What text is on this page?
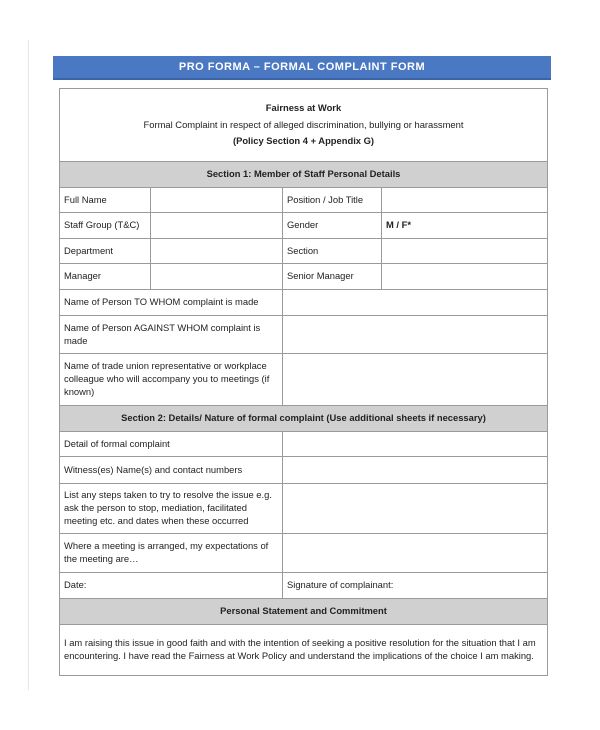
PRO FORMA – FORMAL COMPLAINT FORM
Fairness at Work
Formal Complaint in respect of alleged discrimination, bullying or harassment
(Policy Section 4 + Appendix G)			

Section 1: Member of Staff Personal Details			
Full Name		Position / Job Title	
Staff Group (T&C)		Gender	M / F*
Department		Section	
Manager		Senior Manager	
Name of Person TO WHOM complaint is made			
Name of Person AGAINST WHOM complaint is made			
Name of trade union representative or workplace colleague who will accompany you to meetings (if known)			
Section 2: Details/ Nature of formal complaint (Use additional sheets if necessary)			
Detail of formal complaint			
Witness(es) Name(s) and contact numbers			
List any steps taken to try to resolve the issue e.g. ask the person to stop, mediation, facilitated meeting etc. and dates when these occurred			
Where a meeting is arranged, my expectations of the meeting are…			
Date:		Signature of complainant:	
Personal Statement and Commitment			
I am raising this issue in good faith and with the intention of seeking a positive resolution for the situation that I am encountering. I have read the Fairness at Work Policy and understand the implications of the choice I am making.			
